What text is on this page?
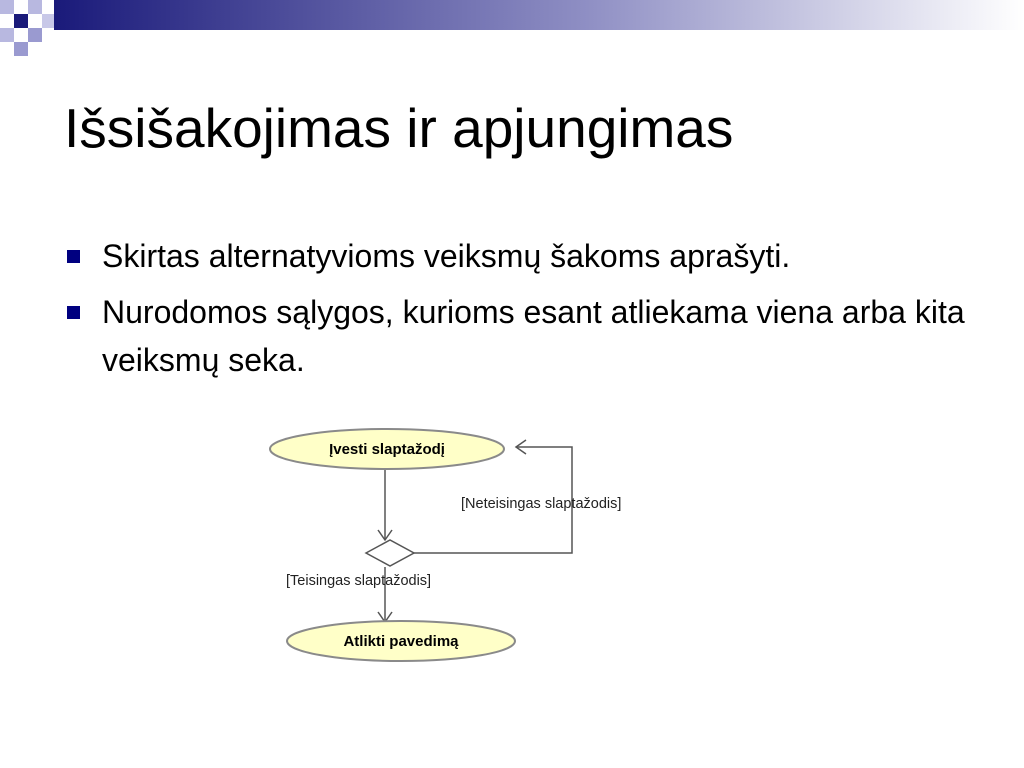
Išsišakojimas ir apjungimas
Skirtas alternatyvioms veiksmų šakoms aprašyti.
Nurodomos sąlygos, kurioms esant atliekama viena arba kita veiksmų seka.
Įvesti slaptažodį
[Neteisingas slaptažodis]
[Teisingas slaptažodis]
Atlikti pavedimą
